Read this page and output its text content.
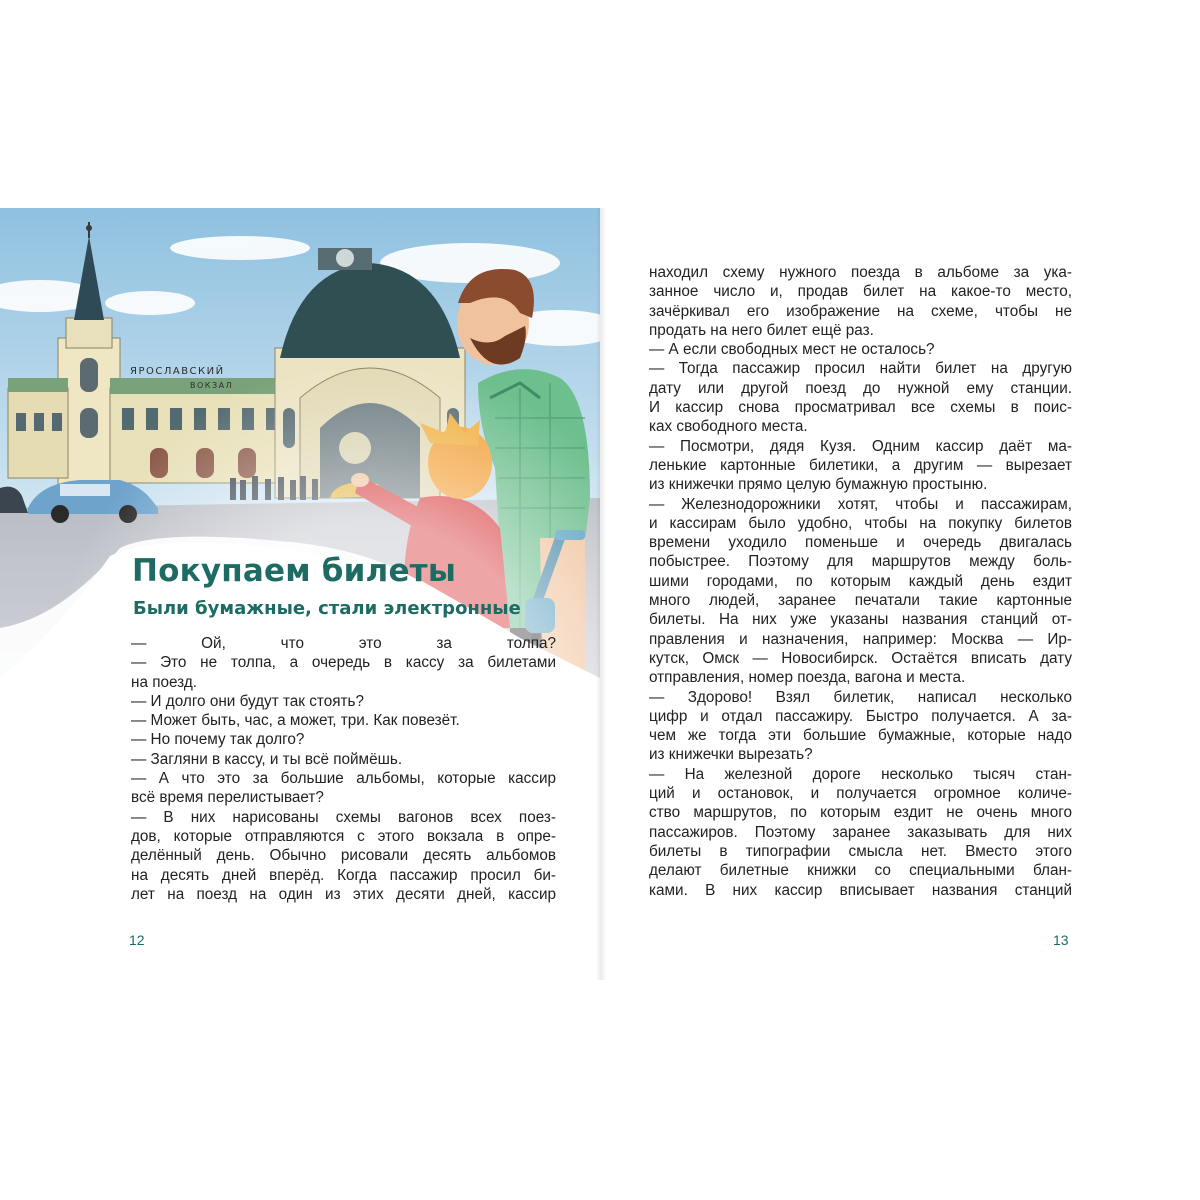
Покупаем билеты
Были бумажные, стали электронные
— Ой, что это за толпа?
— Это не толпа, а очередь в кассу за билетами
на поезд.
— И долго они будут так стоять?
— Может быть, час, а может, три. Как повезёт.
— Но почему так долго?
— Загляни в кассу, и ты всё поймёшь.
— А что это за большие альбомы, которые кассир
всё время перелистывает?
— В них нарисованы схемы вагонов всех поез-
дов, которые отправляются с этого вокзала в опре-
делённый день. Обычно рисовали десять альбомов
на десять дней вперёд. Когда пассажир просил би-
лет на поезд на один из этих десяти дней, кассир
12
находил схему нужного поезда в альбоме за ука-
занное число и, продав билет на какое-то место,
зачёркивал его изображение на схеме, чтобы не
продать на него билет ещё раз.
— А если свободных мест не осталось?
— Тогда пассажир просил найти билет на другую
дату или другой поезд до нужной ему станции.
И кассир снова просматривал все схемы в поис-
ках свободного места.
— Посмотри, дядя Кузя. Одним кассир даёт ма-
ленькие картонные билетики, а другим — вырезает
из книжечки прямо целую бумажную простыню.
— Железнодорожники хотят, чтобы и пассажирам,
и кассирам было удобно, чтобы на покупку билетов
времени уходило поменьше и очередь двигалась
побыстрее. Поэтому для маршрутов между боль-
шими городами, по которым каждый день ездит
много людей, заранее печатали такие картонные
билеты. На них уже указаны названия станций от-
правления и назначения, например: Москва — Ир-
кутск, Омск — Новосибирск. Остаётся вписать дату
отправления, номер поезда, вагона и места.
— Здорово! Взял билетик, написал несколько
цифр и отдал пассажиру. Быстро получается. А за-
чем же тогда эти большие бумажные, которые надо
из книжечки вырезать?
— На железной дороге несколько тысяч стан-
ций и остановок, и получается огромное количе-
ство маршрутов, по которым ездит не очень много
пассажиров. Поэтому заранее заказывать для них
билеты в типографии смысла нет. Вместо этого
делают билетные книжки со специальными блан-
ками. В них кассир вписывает названия станций
13
